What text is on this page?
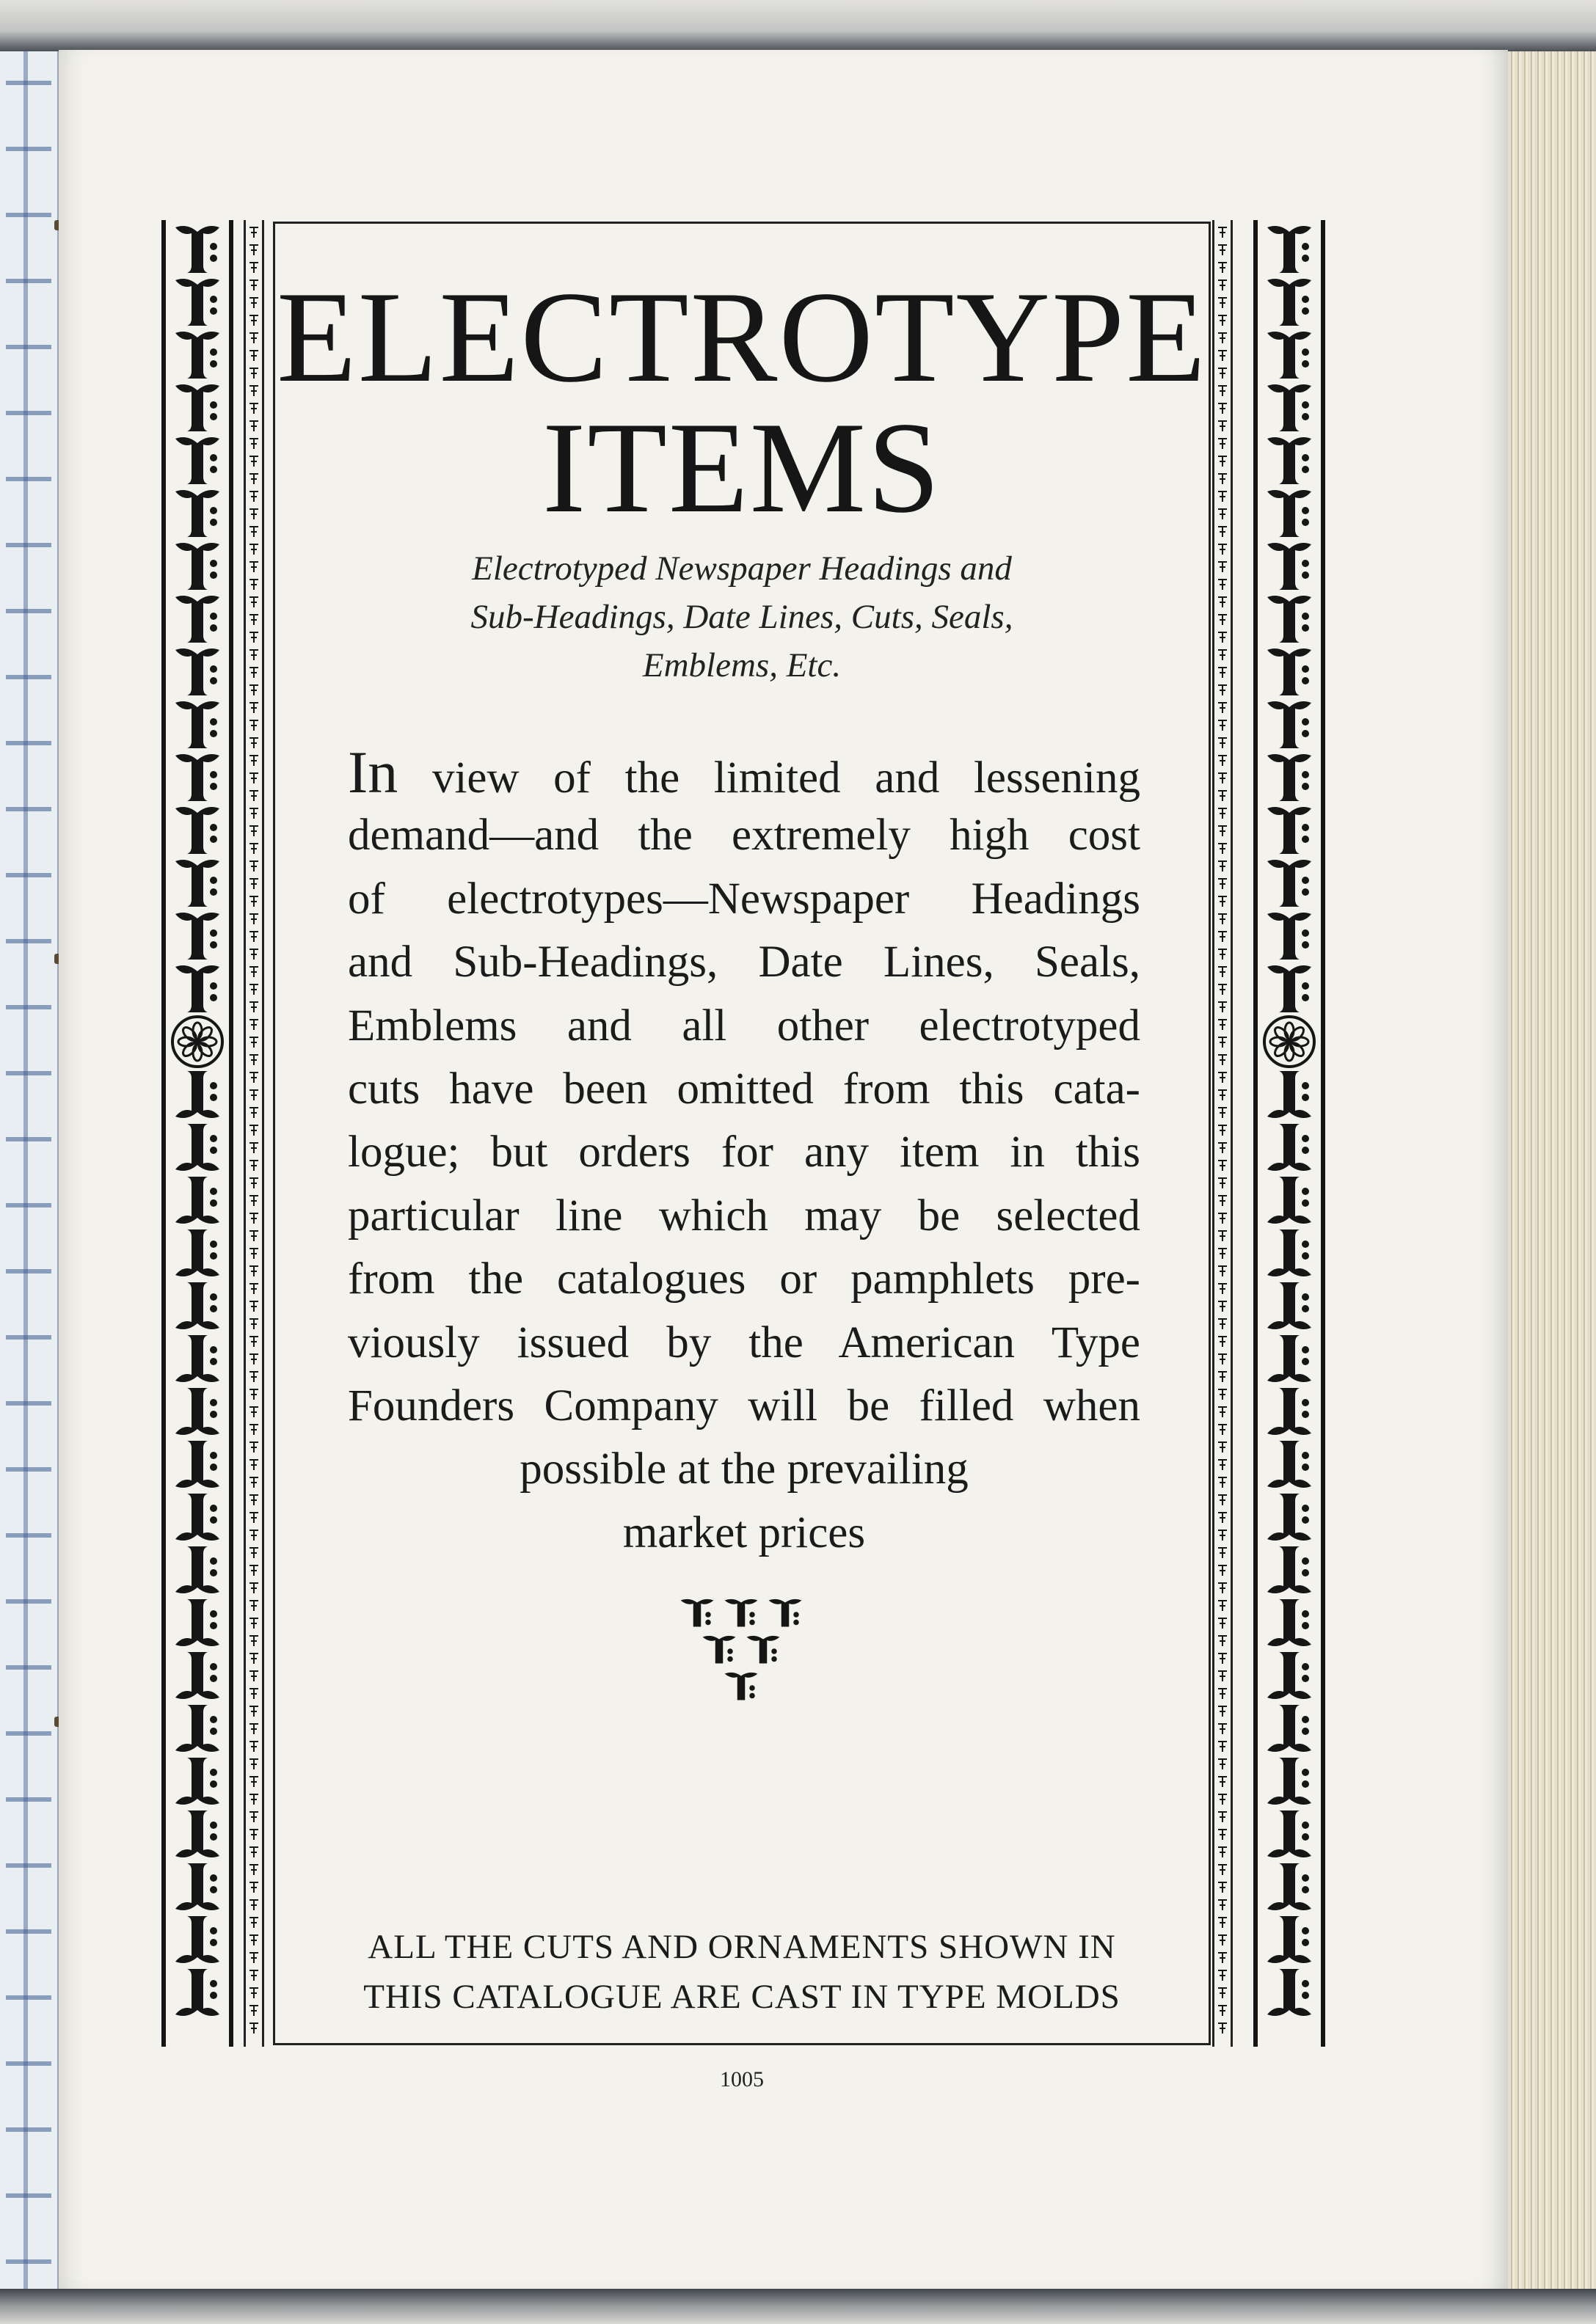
ELECTROTYPE
ITEMS
Electrotyped Newspaper Headings and
Sub-Headings, Date Lines, Cuts, Seals,
Emblems, Etc.
In view of the limited and lessening
demand—and the extremely high cost
of electrotypes—Newspaper Headings
and Sub-Headings, Date Lines, Seals,
Emblems and all other electrotyped
cuts have been omitted from this cata-
logue; but orders for any item in this
particular line which may be selected
from the catalogues or pamphlets pre-
viously issued by the American Type
Founders Company will be filled when
possible at the prevailing
market prices
ALL THE CUTS AND ORNAMENTS SHOWN IN
THIS CATALOGUE ARE CAST IN TYPE MOLDS
1005
